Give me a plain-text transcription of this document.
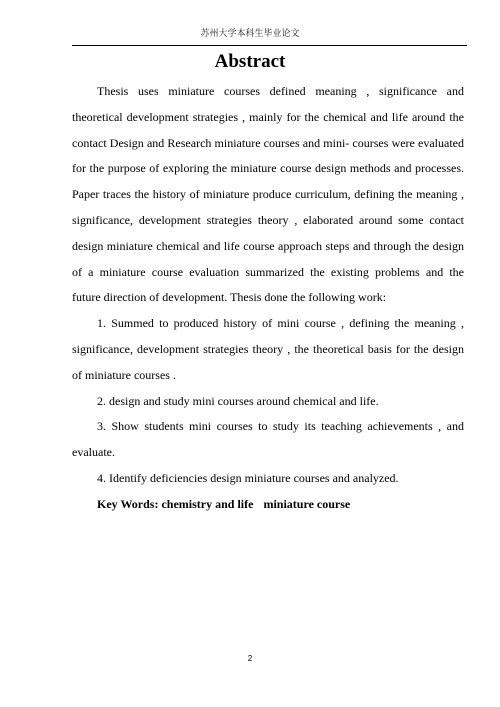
苏州大学本科生毕业论文
Abstract

Thesis uses miniature courses defined meaning , significance and theoretical development strategies , mainly for the chemical and life around the contact Design and Research miniature courses and mini- courses were evaluated for the purpose of exploring the miniature course design methods and processes. Paper traces the history of miniature produce curriculum, defining the meaning , significance, development strategies theory , elaborated around some contact design miniature chemical and life course approach steps and through the design of a miniature course evaluation summarized the existing problems and the future direction of development. Thesis done the following work:

1. Summed to produced history of mini course , defining the meaning , significance, development strategies theory , the theoretical basis for the design of miniature courses .

2. design and study mini courses around chemical and life.

3. Show students mini courses to study its teaching achievements , and evaluate.

4. Identify deficiencies design miniature courses and analyzed.

Key Words: chemistry and life miniature course

2
